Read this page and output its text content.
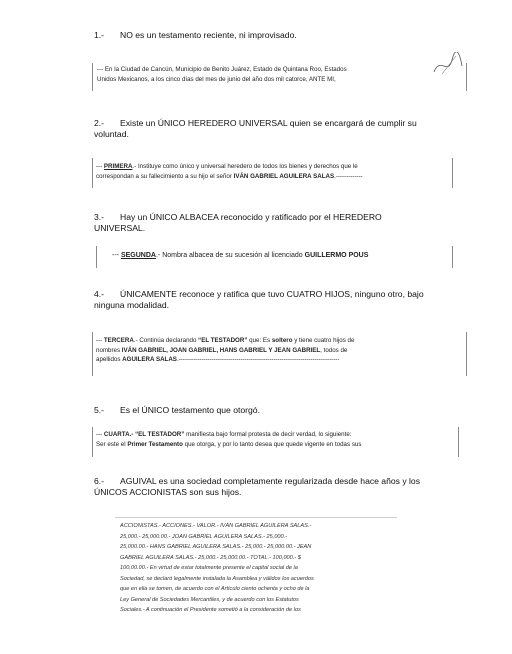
1.- NO es un testamento reciente, ni improvisado.
--- En la Ciudad de Cancún, Municipio de Benito Juárez, Estado de Quintana Roo, Estados
Unidos Mexicanos, a los cinco días del mes de junio del año dos mil catorce, ANTE MI,
2.- Existe un ÚNICO HEREDERO UNIVERSAL quien se encargará de cumplir su
voluntad.
--- PRIMERA.- Instituye como único y universal heredero de todos los bienes y derechos que le
correspondan a su fallecimiento a su hijo el señor IVÁN GABRIEL AGUILERA SALAS.-------------
3.- Hay un ÚNICO ALBACEA reconocido y ratificado por el HEREDERO
UNIVERSAL.
--- SEGUNDA.- Nombra albacea de su sucesión al licenciado GUILLERMO POUS
4.- ÚNICAMENTE reconoce y ratifica que tuvo CUATRO HIJOS, ninguno otro, bajo
ninguna modalidad.
--- TERCERA.- Continúa declarando “EL TESTADOR” que: Es soltero y tiene cuatro hijos de
nombres IVÁN GABRIEL, JOAN GABRIEL, HANS GABRIEL Y JEAN GABRIEL, todos de
apellidos AGUILERA SALAS.------------------------------------------------------------------------------
5.- Es el ÚNICO testamento que otorgó.
--- CUARTA.- “EL TESTADOR” manifiesta bajo formal protesta de decir verdad, lo siguiente:
Ser este el Primer Testamento que otorga, y por lo tanto desea que quede vigente en todas sus
6.- AGUIVAL es una sociedad completamente regularizada desde hace años y los
ÚNICOS ACCIONISTAS son sus hijos.
ACCIONISTAS.- ACCIONES.- VALOR.- IVÁN GABRIEL AGUILERA SALAS.-
25,000.- 25,000.00.- JOAN GABRIEL AGUILERA SALAS.- 25,000.-
25,000.00.- HANS GABRIEL AGUILERA SALAS.- 25,000.- 25,000.00.- JEAN
GABRIEL AGUILERA SALAS.- 25,000.- 25,000.00.- TOTAL.- 100,000.- $
100,00.00.- En virtud de estar totalmente presente el capital social de la
Sociedad, se declaró legalmente instalada la Asamblea y válidos los acuerdos
que en ella se tomen, de acuerdo con el Artículo ciento ochenta y ocho de la
Ley General de Sociedades Mercantiles, y de acuerdo con los Estatutos
Sociales.- A continuación el Presidente sometió a la consideración de los
